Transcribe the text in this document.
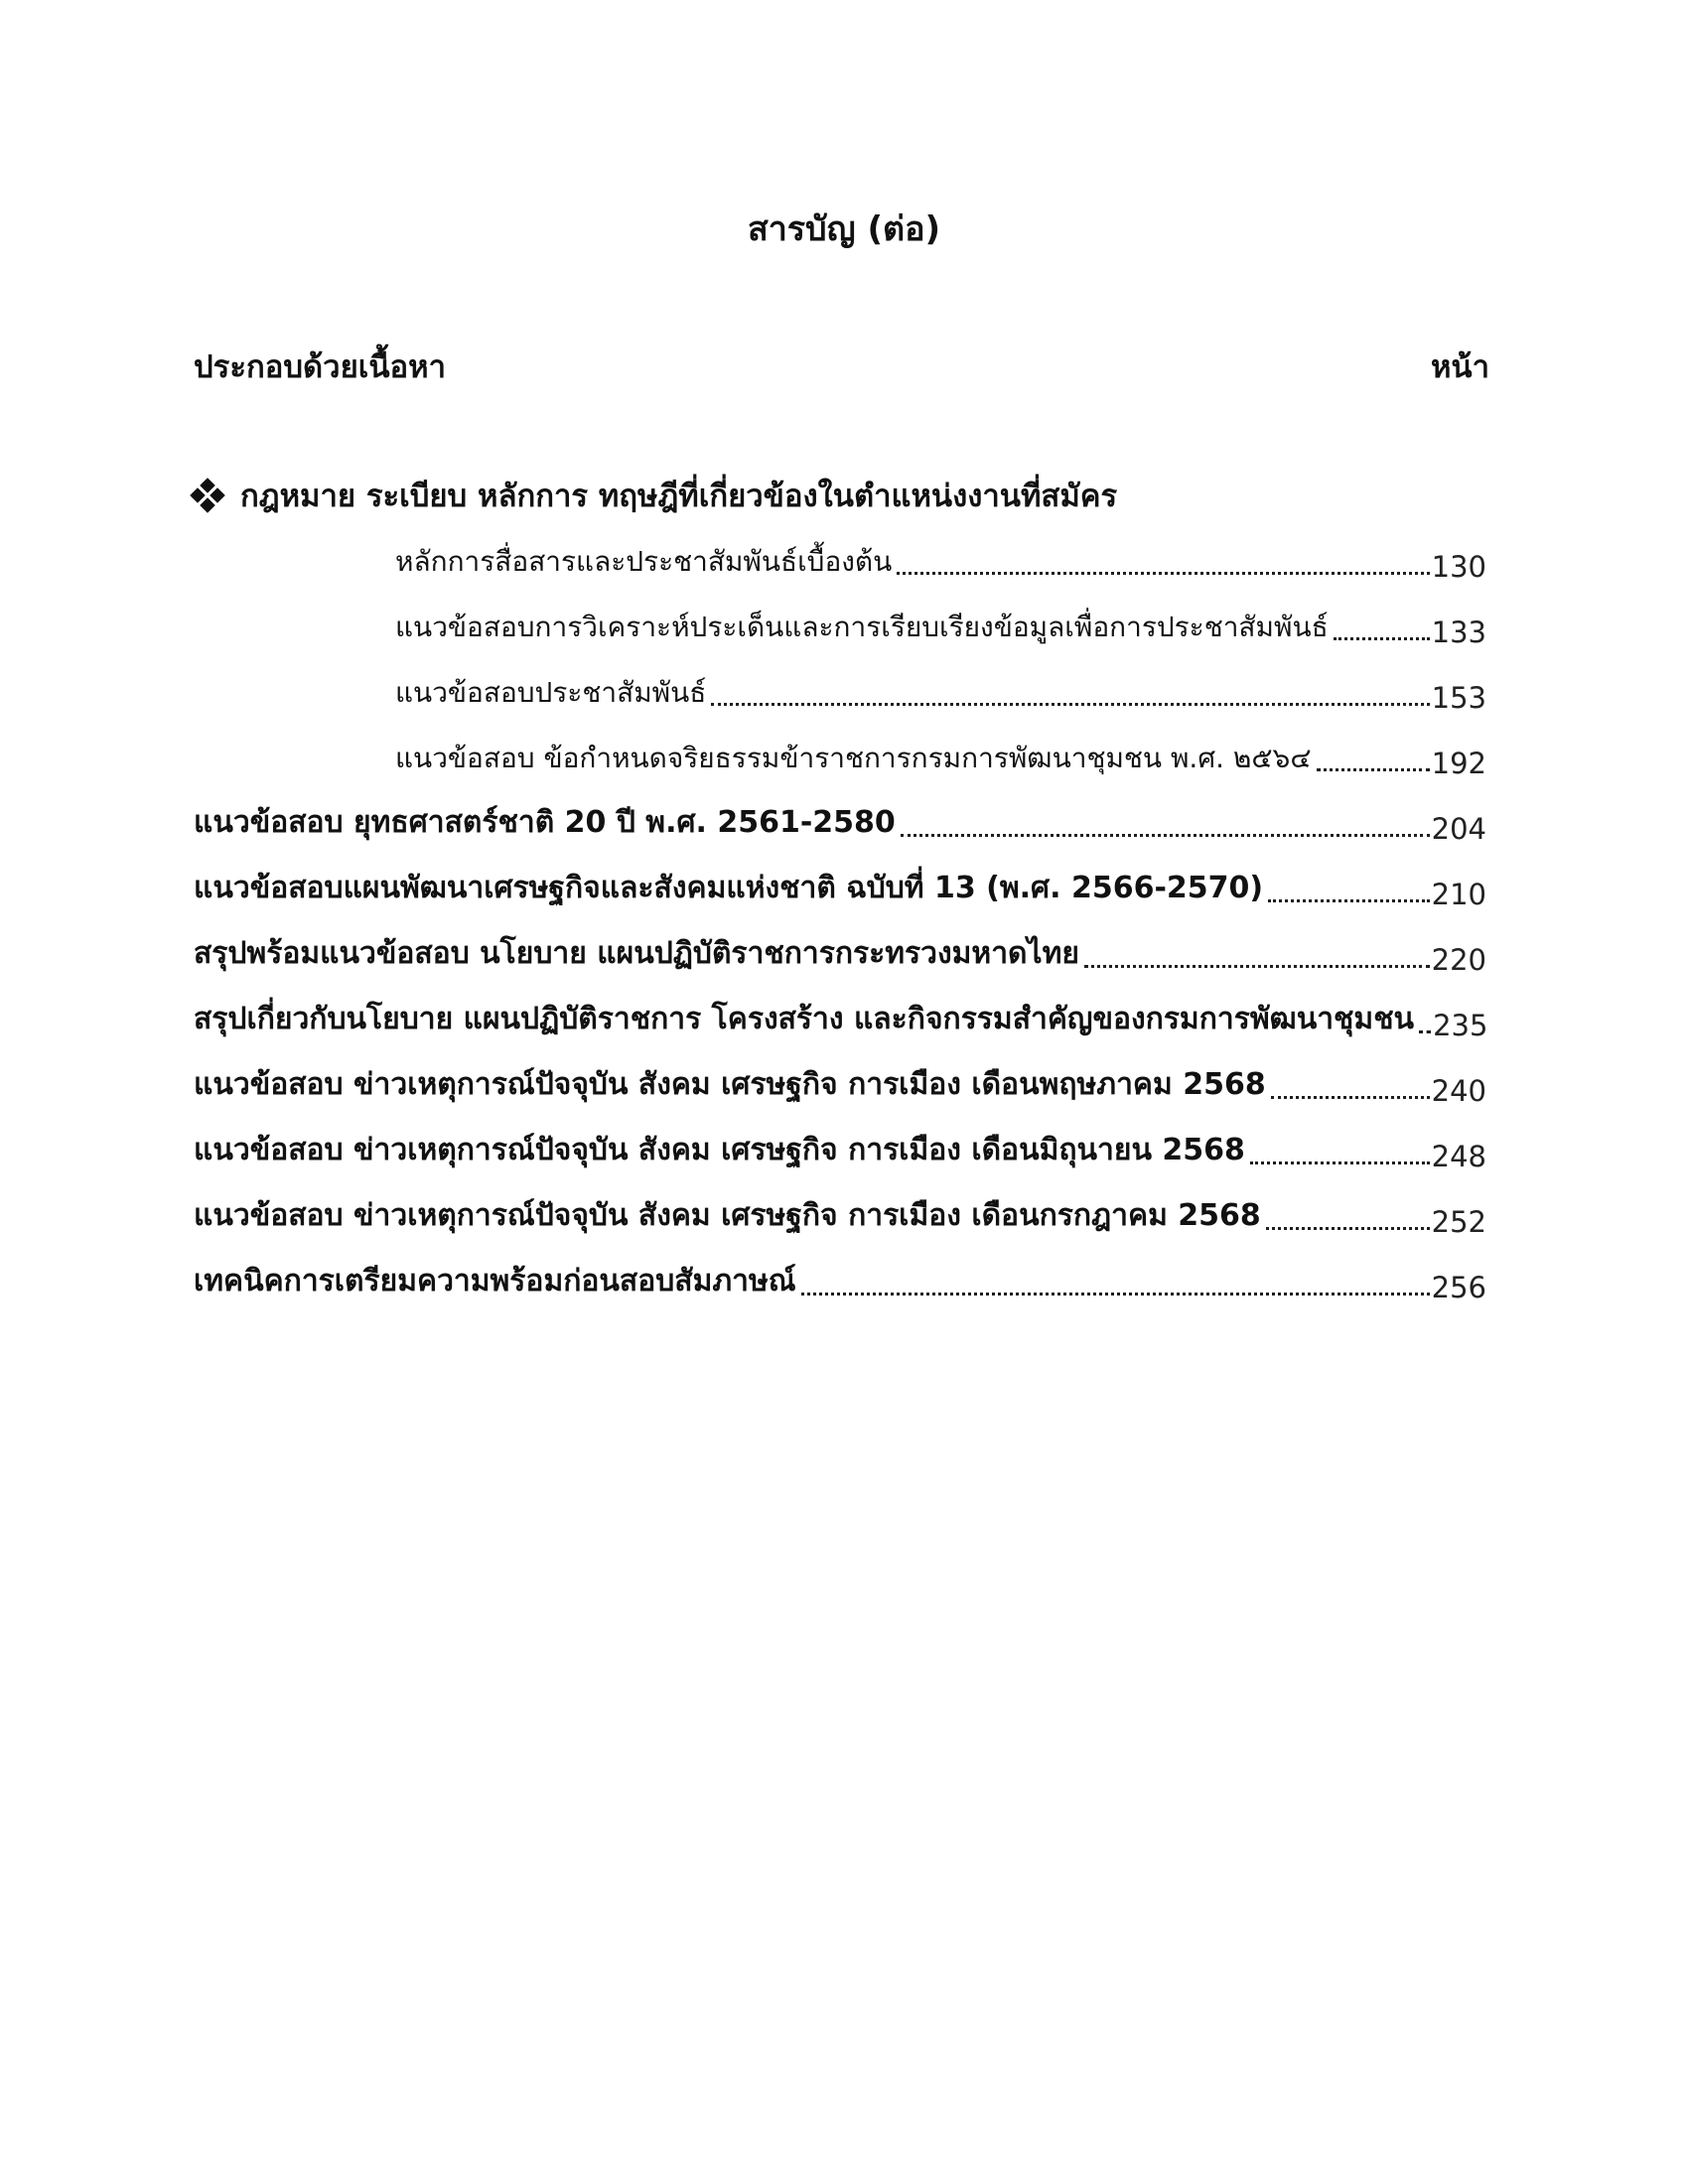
สารบัญ (ต่อ)
ประกอบด้วยเนื้อหา	หน้า
กฎหมาย ระเบียบ หลักการ ทฤษฎีที่เกี่ยวข้องในตำแหน่งงานที่สมัคร
หลักการสื่อสารและประชาสัมพันธ์เบื้องต้น	130
แนวข้อสอบการวิเคราะห์ประเด็นและการเรียบเรียงข้อมูลเพื่อการประชาสัมพันธ์	133
แนวข้อสอบประชาสัมพันธ์	153
แนวข้อสอบ ข้อกำหนดจริยธรรมข้าราชการกรมการพัฒนาชุมชน พ.ศ. ๒๕๖๔	192
แนวข้อสอบ ยุทธศาสตร์ชาติ 20 ปี พ.ศ. 2561-2580	204
แนวข้อสอบแผนพัฒนาเศรษฐกิจและสังคมแห่งชาติ ฉบับที่ 13 (พ.ศ. 2566-2570)	210
สรุปพร้อมแนวข้อสอบ นโยบาย แผนปฏิบัติราชการกระทรวงมหาดไทย	220
สรุปเกี่ยวกับนโยบาย แผนปฏิบัติราชการ โครงสร้าง และกิจกรรมสำคัญของกรมการพัฒนาชุมชน 235
แนวข้อสอบ ข่าวเหตุการณ์ปัจจุบัน สังคม เศรษฐกิจ การเมือง เดือนพฤษภาคม 2568	240
แนวข้อสอบ ข่าวเหตุการณ์ปัจจุบัน สังคม เศรษฐกิจ การเมือง เดือนมิถุนายน 2568	248
แนวข้อสอบ ข่าวเหตุการณ์ปัจจุบัน สังคม เศรษฐกิจ การเมือง เดือนกรกฎาคม 2568	252
เทคนิคการเตรียมความพร้อมก่อนสอบสัมภาษณ์	256
